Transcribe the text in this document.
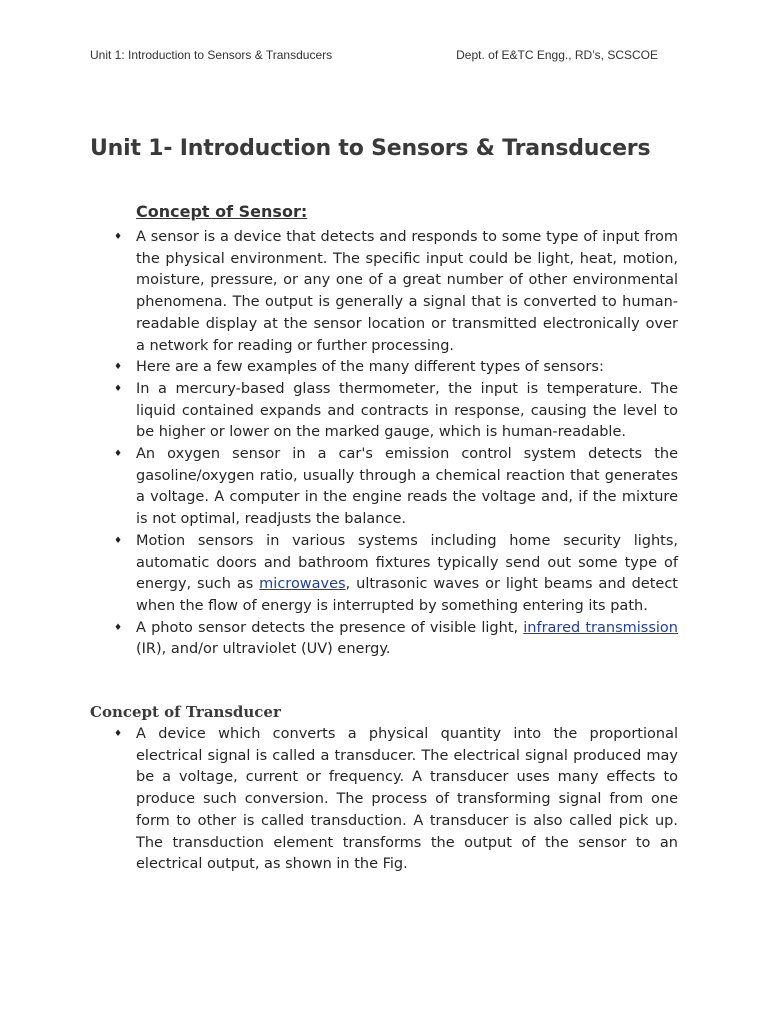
Unit 1: Introduction to Sensors & Transducers	Dept. of E&TC Engg., RD’s, SCSCOE
Unit 1- Introduction to Sensors & Transducers
Concept of Sensor:
♦ A sensor is a device that detects and responds to some type of input from the physical environment. The specific input could be light, heat, motion, moisture, pressure, or any one of a great number of other environmental phenomena. The output is generally a signal that is converted to human-readable display at the sensor location or transmitted electronically over a network for reading or further processing.
♦ Here are a few examples of the many different types of sensors:
♦ In a mercury-based glass thermometer, the input is temperature. The liquid contained expands and contracts in response, causing the level to be higher or lower on the marked gauge, which is human-readable.
♦ An oxygen sensor in a car's emission control system detects the gasoline/oxygen ratio, usually through a chemical reaction that generates a voltage. A computer in the engine reads the voltage and, if the mixture is not optimal, readjusts the balance.
♦ Motion sensors in various systems including home security lights, automatic doors and bathroom fixtures typically send out some type of energy, such as microwaves, ultrasonic waves or light beams and detect when the flow of energy is interrupted by something entering its path.
♦ A photo sensor detects the presence of visible light, infrared transmission (IR), and/or ultraviolet (UV) energy.
Concept of Transducer
♦ A device which converts a physical quantity into the proportional electrical signal is called a transducer. The electrical signal produced may be a voltage, current or frequency. A transducer uses many effects to produce such conversion. The process of transforming signal from one form to other is called transduction. A transducer is also called pick up. The transduction element transforms the output of the sensor to an electrical output, as shown in the Fig.
